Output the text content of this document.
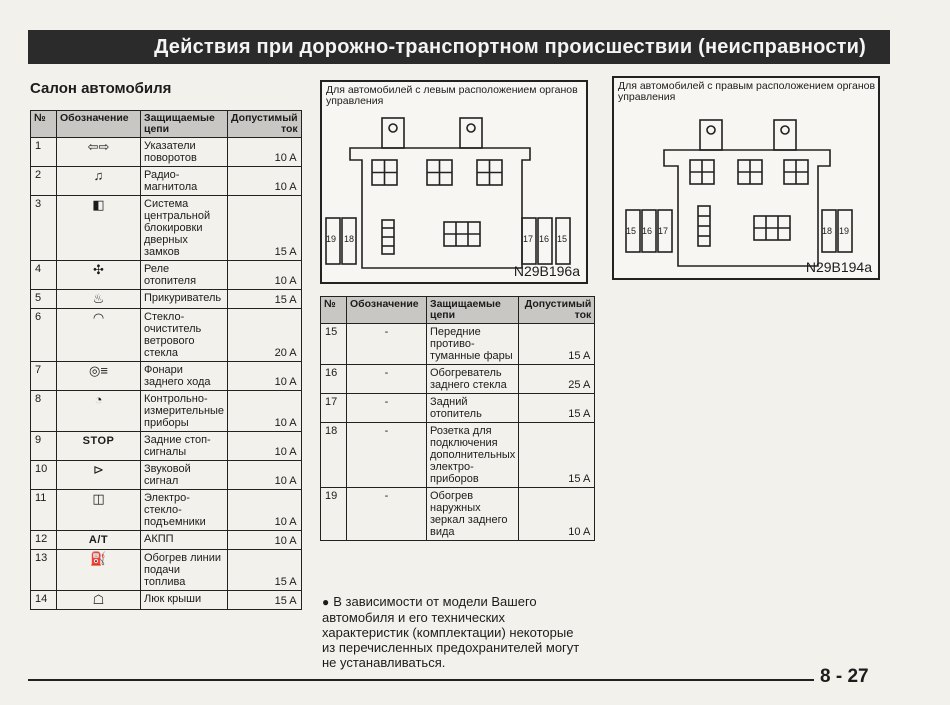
Действия при дорожно-транспортном происшествии (неисправности)
Салон автомобиля
№	Обозначение	Защищаемые цепи	Допустимый ток
1	⇦⇨	Указатели поворотов	10 A
2	♫	Радио-магнитола	10 A
3	◧	Система центральной блокировки дверных замков	15 A
4	✣	Реле отопителя	10 A
5	♨	Прикуриватель	15 A
6	◠	Стекло-очиститель ветрового стекла	20 A
7	◎≡	Фонари заднего хода	10 A
8	◔	Контрольно-измерительные приборы	10 A
9	STOP	Задние стоп-сигналы	10 A
10	⊳	Звуковой сигнал	10 A
11	◫	Электро-стекло-подъемники	10 A
12	A/T	АКПП	10 A
13	⛽	Обогрев линии подачи топлива	15 A
14	☖	Люк крыши	15 A
19 18	17 16 15
Для автомобилей с левым расположением органов управления
N29B196a
15 16 17	18 19
Для автомобилей с правым расположением органов управления
N29B194a
№	Обозначение	Защищаемые цепи	Допустимый ток
15	-	Передние противо-туманные фары	15 A
16	-	Обогреватель заднего стекла	25 A
17	-	Задний отопитель	15 A
18	-	Розетка для подключения дополнительных электро-приборов	15 A
19	-	Обогрев наружных зеркал заднего вида	10 A
● В зависимости от модели Вашего автомобиля и его технических характеристик (комплектации) некоторые из перечисленных предохранителей могут не устанавливаться.
8 - 27
